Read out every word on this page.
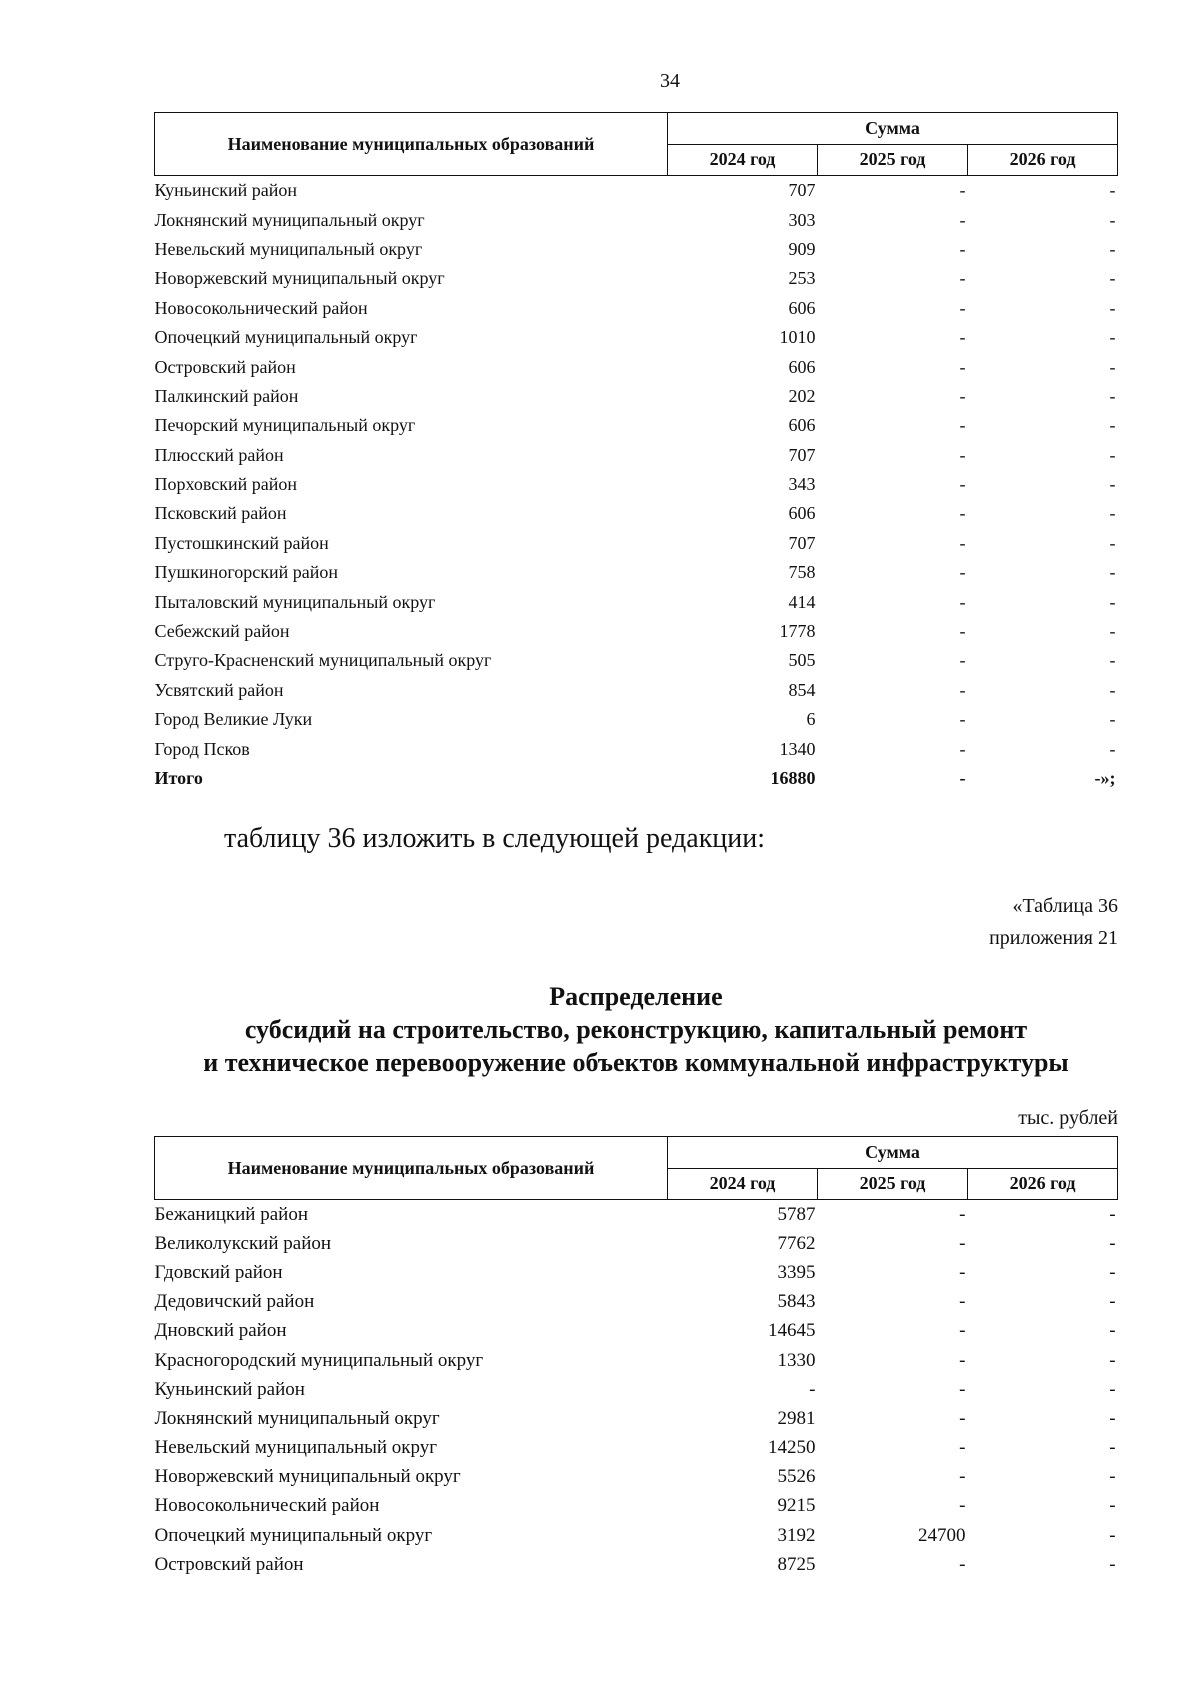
34
Наименование муниципальных образований	Сумма		
	2024 год	2025 год	2026 год
Куньинский район	707	-	-
Локнянский муниципальный округ	303	-	-
Невельский муниципальный округ	909	-	-
Новоржевский муниципальный округ	253	-	-
Новосокольнический район	606	-	-
Опочецкий муниципальный округ	1010	-	-
Островский район	606	-	-
Палкинский район	202	-	-
Печорский муниципальный округ	606	-	-
Плюсский район	707	-	-
Порховский район	343	-	-
Псковский район	606	-	-
Пустошкинский район	707	-	-
Пушкиногорский район	758	-	-
Пыталовский муниципальный округ	414	-	-
Себежский район	1778	-	-
Струго-Красненский муниципальный округ	505	-	-
Усвятский район	854	-	-
Город Великие Луки	6	-	-
Город Псков	1340	-	-
Итого	16880	-	-»;
таблицу 36 изложить в следующей редакции:
«Таблица 36
приложения 21
Распределение
субсидий на строительство, реконструкцию, капитальный ремонт
и техническое перевооружение объектов коммунальной инфраструктуры
тыс. рублей
Наименование муниципальных образований	Сумма		
	2024 год	2025 год	2026 год
Бежаницкий район	5787	-	-
Великолукский район	7762	-	-
Гдовский район	3395	-	-
Дедовичский район	5843	-	-
Дновский район	14645	-	-
Красногородский муниципальный округ	1330	-	-
Куньинский район	-	-	-
Локнянский муниципальный округ	2981	-	-
Невельский муниципальный округ	14250	-	-
Новоржевский муниципальный округ	5526	-	-
Новосокольнический район	9215	-	-
Опочецкий муниципальный округ	3192	24700	-
Островский район	8725	-	-
